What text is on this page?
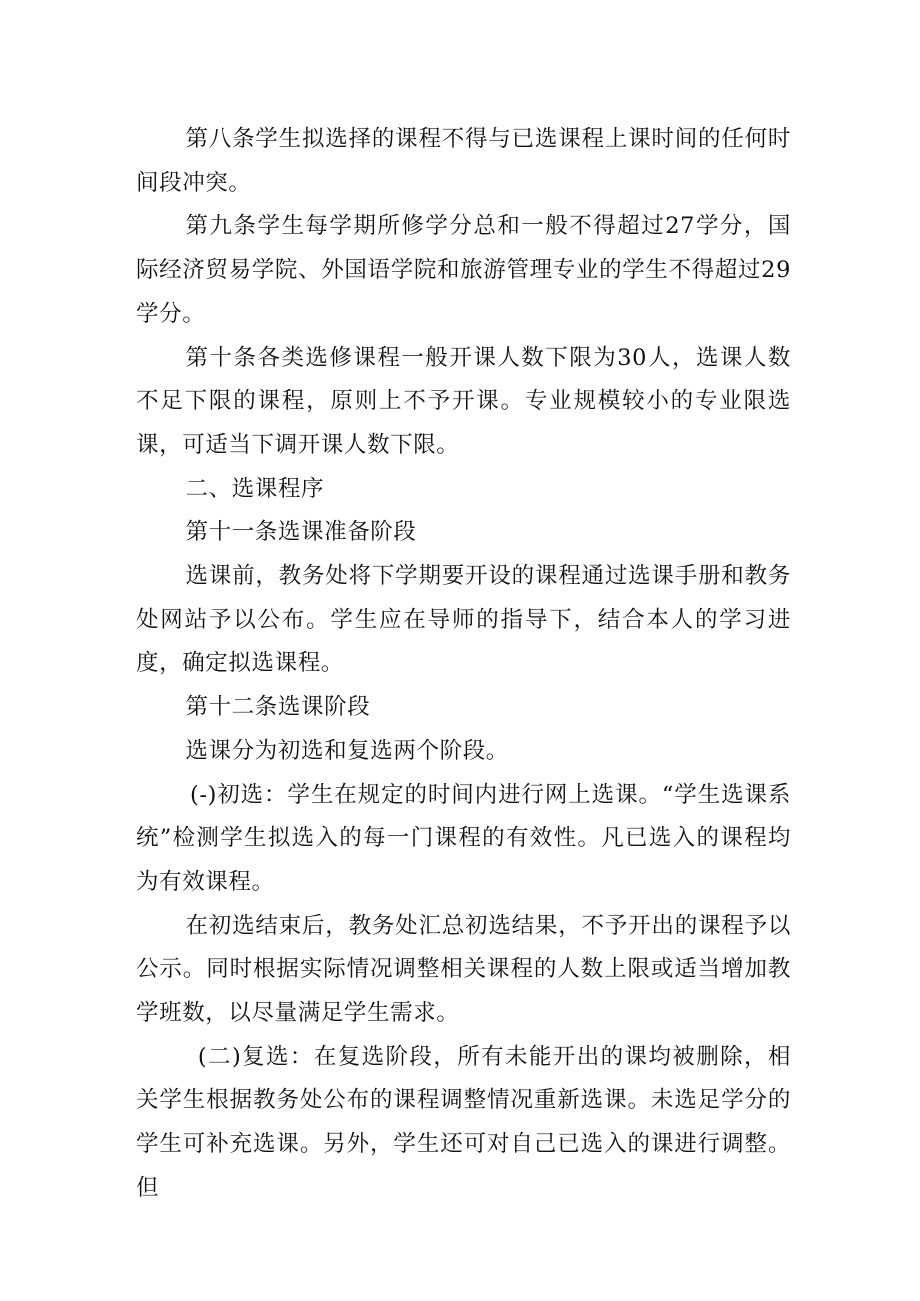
第八条学生拟选择的课程不得与已选课程上课时间的任何时间段冲突。

第九条学生每学期所修学分总和一般不得超过27学分，国际经济贸易学院、外国语学院和旅游管理专业的学生不得超过29学分。

第十条各类选修课程一般开课人数下限为30人，选课人数不足下限的课程，原则上不予开课。专业规模较小的专业限选课，可适当下调开课人数下限。

二、选课程序

第十一条选课准备阶段

选课前，教务处将下学期要开设的课程通过选课手册和教务处网站予以公布。学生应在导师的指导下，结合本人的学习进度，确定拟选课程。

第十二条选课阶段

选课分为初选和复选两个阶段。

(-)初选：学生在规定的时间内进行网上选课。“学生选课系统”检测学生拟选入的每一门课程的有效性。凡已选入的课程均为有效课程。

在初选结束后，教务处汇总初选结果，不予开出的课程予以公示。同时根据实际情况调整相关课程的人数上限或适当增加教学班数，以尽量满足学生需求。

(二)复选：在复选阶段，所有未能开出的课均被删除，相关学生根据教务处公布的课程调整情况重新选课。未选足学分的学生可补充选课。另外，学生还可对自己已选入的课进行调整。但
